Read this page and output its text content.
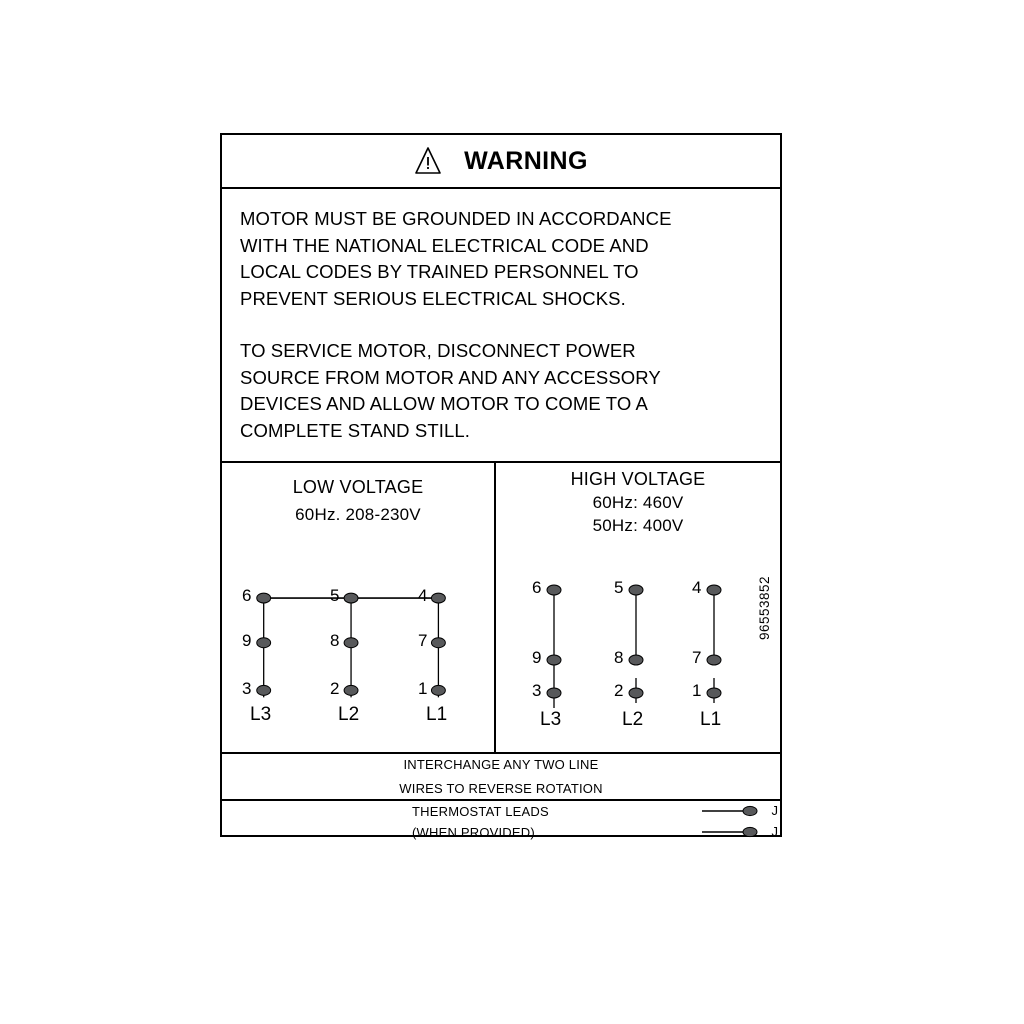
WARNING
MOTOR MUST BE GROUNDED IN ACCORDANCE
WITH THE NATIONAL ELECTRICAL CODE AND
LOCAL CODES BY TRAINED PERSONNEL TO
PREVENT SERIOUS ELECTRICAL SHOCKS.
TO SERVICE MOTOR, DISCONNECT POWER
SOURCE FROM MOTOR AND ANY ACCESSORY
DEVICES AND ALLOW MOTOR TO COME TO A
COMPLETE STAND STILL.
LOW VOLTAGE
60Hz. 208-230V
6	5	4
9	8	7
3	2	1
L3	L2	L1
HIGH VOLTAGE
60Hz: 460V
50Hz: 400V
6	5	4
9	8	7
3	2	1
L3	L2	L1
INTERCHANGE ANY TWO LINE
WIRES TO REVERSE ROTATION
THERMOSTAT LEADS	J
(WHEN PROVIDED)	J
96553852
